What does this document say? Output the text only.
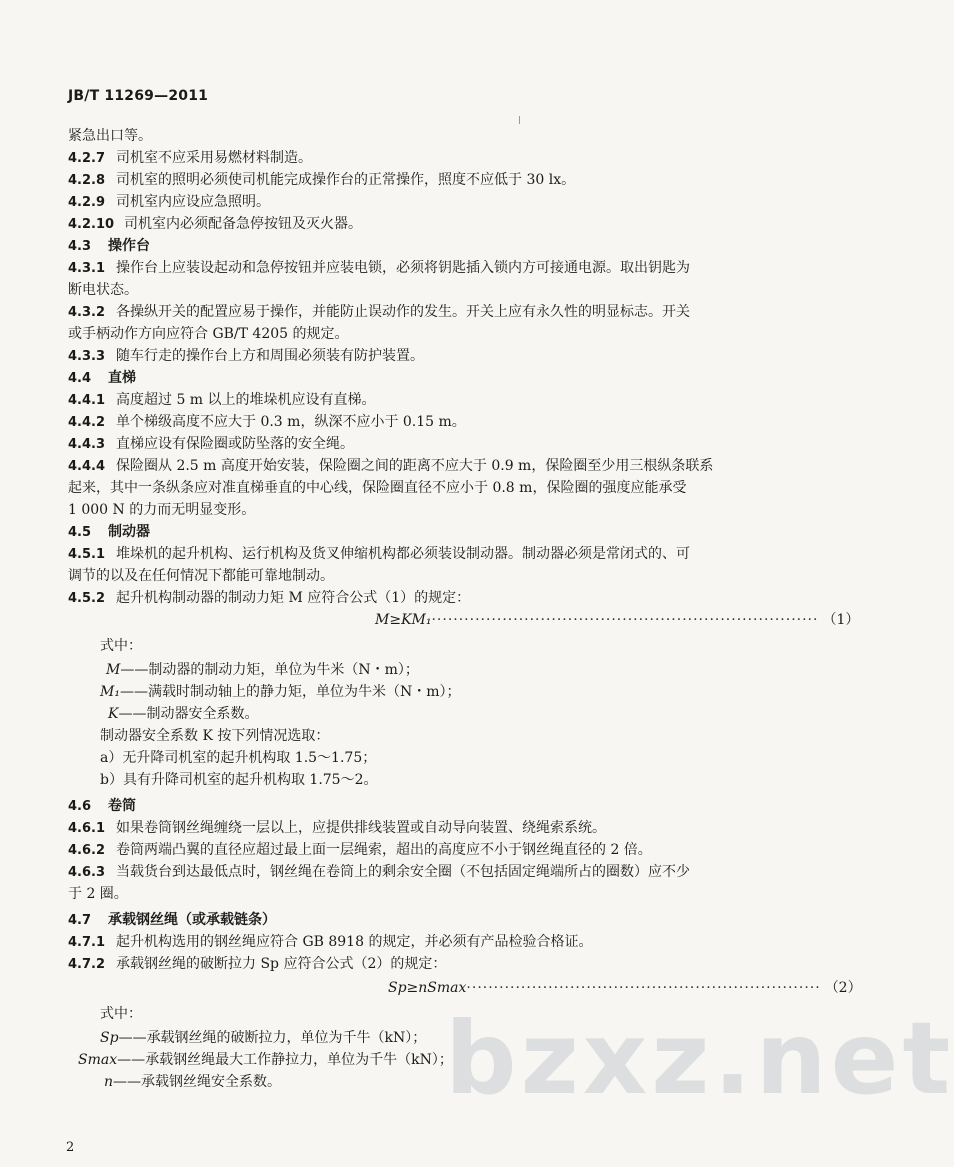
JB/T 11269—2011
紧急出口等。
4.2.7 司机室不应采用易燃材料制造。
4.2.8 司机室的照明必须使司机能完成操作台的正常操作，照度不应低于 30 lx。
4.2.9 司机室内应设应急照明。
4.2.10 司机室内必须配备急停按钮及灭火器。
4.3 操作台
4.3.1 操作台上应装设起动和急停按钮并应装电锁，必须将钥匙插入锁内方可接通电源。取出钥匙为
断电状态。
4.3.2 各操纵开关的配置应易于操作，并能防止误动作的发生。开关上应有永久性的明显标志。开关
或手柄动作方向应符合 GB/T 4205 的规定。
4.3.3 随车行走的操作台上方和周围必须装有防护装置。
4.4 直梯
4.4.1 高度超过 5 m 以上的堆垛机应设有直梯。
4.4.2 单个梯级高度不应大于 0.3 m，纵深不应小于 0.15 m。
4.4.3 直梯应设有保险圈或防坠落的安全绳。
4.4.4 保险圈从 2.5 m 高度开始安装，保险圈之间的距离不应大于 0.9 m，保险圈至少用三根纵条联系
起来，其中一条纵条应对准直梯垂直的中心线，保险圈直径不应小于 0.8 m，保险圈的强度应能承受
1 000 N 的力而无明显变形。
4.5 制动器
4.5.1 堆垛机的起升机构、运行机构及货叉伸缩机构都必须装设制动器。制动器必须是常闭式的、可
调节的以及在任何情况下都能可靠地制动。
4.5.2 起升机构制动器的制动力矩 M 应符合公式（1）的规定：
M≥KM₁ ······································································· （1）
式中：
M——制动器的制动力矩，单位为牛米（N・m）；
M₁——满载时制动轴上的静力矩，单位为牛米（N・m）；
K——制动器安全系数。
制动器安全系数 K 按下列情况选取：
a）无升降司机室的起升机构取 1.5～1.75；
b）具有升降司机室的起升机构取 1.75～2。
4.6 卷筒
4.6.1 如果卷筒钢丝绳缠绕一层以上，应提供排线装置或自动导向装置、绕绳索系统。
4.6.2 卷筒两端凸翼的直径应超过最上面一层绳索，超出的高度应不小于钢丝绳直径的 2 倍。
4.6.3 当载货台到达最低点时，钢丝绳在卷筒上的剩余安全圈（不包括固定绳端所占的圈数）应不少
于 2 圈。
4.7 承载钢丝绳（或承载链条）
4.7.1 起升机构选用的钢丝绳应符合 GB 8918 的规定，并必须有产品检验合格证。
4.7.2 承载钢丝绳的破断拉力 Sp 应符合公式（2）的规定：
Sp≥nSmax ································································· （2）
式中：
Sp——承载钢丝绳的破断拉力，单位为千牛（kN）；
Smax——承载钢丝绳最大工作静拉力，单位为千牛（kN）；
n——承载钢丝绳安全系数。	bzxz.net
2
